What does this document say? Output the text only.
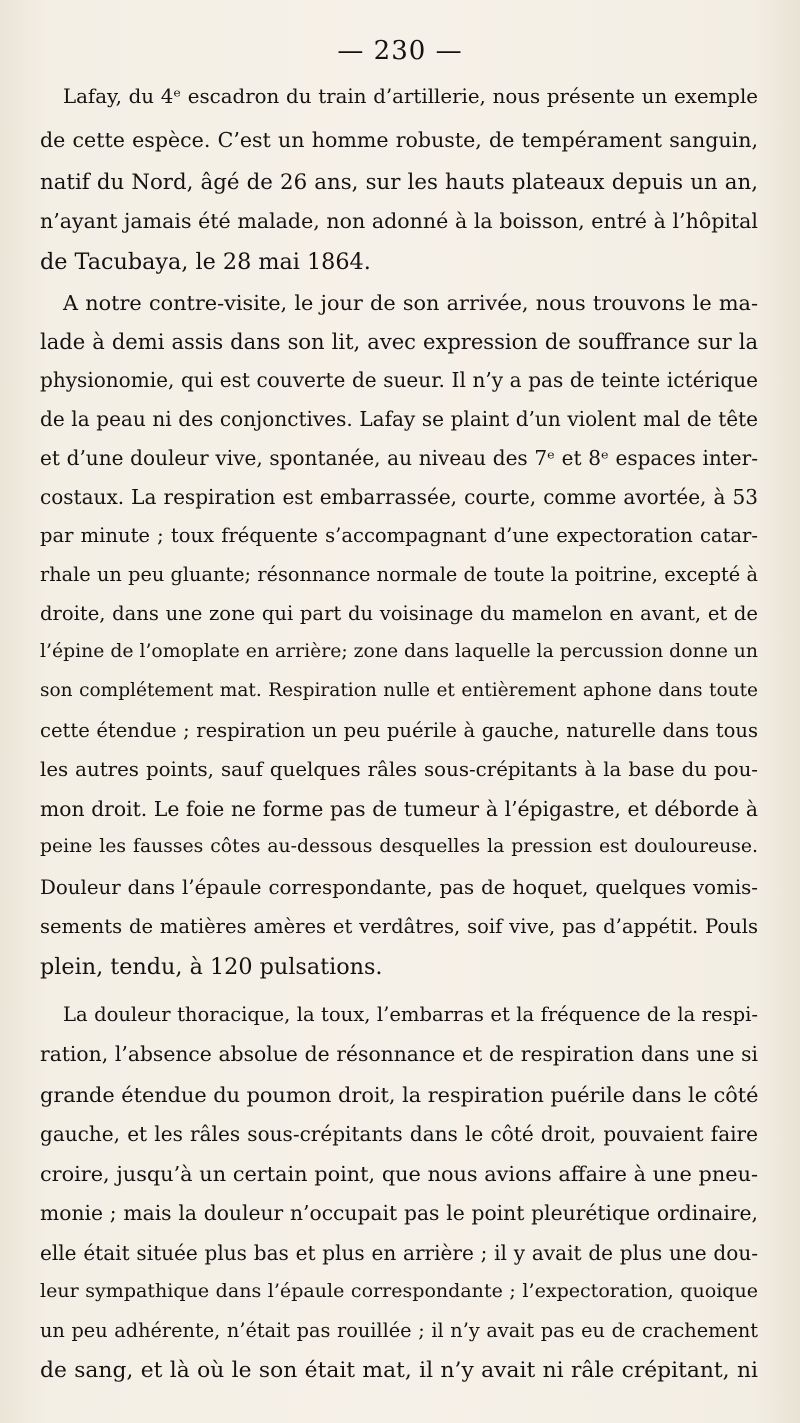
— 230 —
Lafay, du 4ᵉ escadron du train d’artillerie, nous présente un exemple
de cette espèce. C’est un homme robuste, de tempérament sanguin,
natif du Nord, âgé de 26 ans, sur les hauts plateaux depuis un an,
n’ayant jamais été malade, non adonné à la boisson, entré à l’hôpital
de Tacubaya, le 28 mai 1864.
A notre contre-visite, le jour de son arrivée, nous trouvons le ma-
lade à demi assis dans son lit, avec expression de souffrance sur la
physionomie, qui est couverte de sueur. Il n’y a pas de teinte ictérique
de la peau ni des conjonctives. Lafay se plaint d’un violent mal de tête
et d’une douleur vive, spontanée, au niveau des 7ᵉ et 8ᵉ espaces inter-
costaux. La respiration est embarrassée, courte, comme avortée, à 53
par minute ; toux fréquente s’accompagnant d’une expectoration catar-
rhale un peu gluante; résonnance normale de toute la poitrine, excepté à
droite, dans une zone qui part du voisinage du mamelon en avant, et de
l’épine de l’omoplate en arrière; zone dans laquelle la percussion donne un
son complétement mat. Respiration nulle et entièrement aphone dans toute
cette étendue ; respiration un peu puérile à gauche, naturelle dans tous
les autres points, sauf quelques râles sous-crépitants à la base du pou-
mon droit. Le foie ne forme pas de tumeur à l’épigastre, et déborde à
peine les fausses côtes au-dessous desquelles la pression est douloureuse.
Douleur dans l’épaule correspondante, pas de hoquet, quelques vomis-
sements de matières amères et verdâtres, soif vive, pas d’appétit. Pouls
plein, tendu, à 120 pulsations.
La douleur thoracique, la toux, l’embarras et la fréquence de la respi-
ration, l’absence absolue de résonnance et de respiration dans une si
grande étendue du poumon droit, la respiration puérile dans le côté
gauche, et les râles sous-crépitants dans le côté droit, pouvaient faire
croire, jusqu’à un certain point, que nous avions affaire à une pneu-
monie ; mais la douleur n’occupait pas le point pleurétique ordinaire,
elle était située plus bas et plus en arrière ; il y avait de plus une dou-
leur sympathique dans l’épaule correspondante ; l’expectoration, quoique
un peu adhérente, n’était pas rouillée ; il n’y avait pas eu de crachement
de sang, et là où le son était mat, il n’y avait ni râle crépitant, ni
